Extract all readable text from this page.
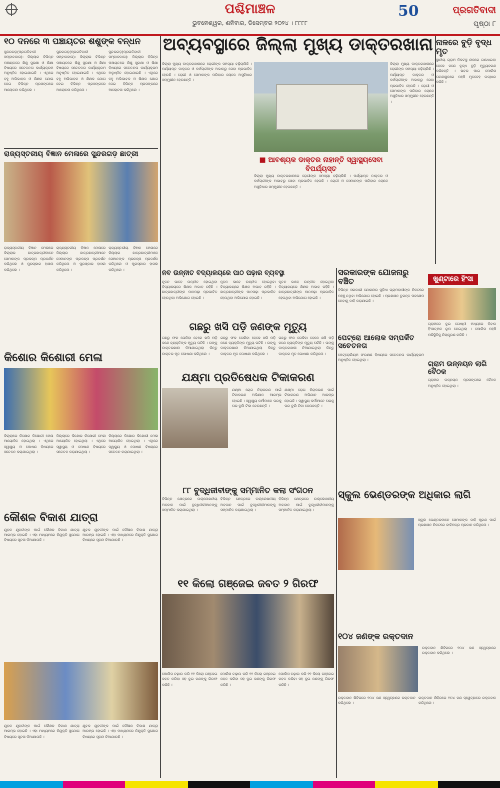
ପଶ୍ଚିମାଞ୍ଚଳ
ଭୁବନେଶ୍ୱର, ଶନିବାର, ଡିସେମ୍ବର ୨୦୨୪ । ୮୮୮୮
50	ପ୍ରଗତିବାଦୀ
ପୃଷ୍ଠା ୮
୧୦ ଦିନରେ ୩ ପଞ୍ଚାୟତର ଶିଶୁଙ୍କ ବନ୍ଧନ
ସୁନ୍ଦରଗଡ଼(ପ୍ରଗତିବାଦୀ ସମ୍ବାଦଦାତା): ଜିଲ୍ଲାର ବିଭିନ୍ନ ପଞ୍ଚାୟତରେ ଶିଶୁ ସୁରକ୍ଷା ଓ ଶିକ୍ଷା ବିଷୟରେ ସଚେତନତା କାର୍ଯ୍ୟକ୍ରମ ଅନୁଷ୍ଠିତ ହୋଇଯାଇଛି । ଏଥିରେ ବହୁ ଅଭିଭାବକ ଓ ଶିକ୍ଷକ ଯୋଗ ଦେଇ ବିଭିନ୍ନ ପ୍ରସଙ୍ଗରେ ଆଲୋଚନା କରିଥିଲେ ।
ସୁନ୍ଦରଗଡ଼(ପ୍ରଗତିବାଦୀ ସମ୍ବାଦଦାତା): ଜିଲ୍ଲାର ବିଭିନ୍ନ ପଞ୍ଚାୟତରେ ଶିଶୁ ସୁରକ୍ଷା ଓ ଶିକ୍ଷା ବିଷୟରେ ସଚେତନତା କାର୍ଯ୍ୟକ୍ରମ ଅନୁଷ୍ଠିତ ହୋଇଯାଇଛି । ଏଥିରେ ବହୁ ଅଭିଭାବକ ଓ ଶିକ୍ଷକ ଯୋଗ ଦେଇ ବିଭିନ୍ନ ପ୍ରସଙ୍ଗରେ ଆଲୋଚନା କରିଥିଲେ ।
ସୁନ୍ଦରଗଡ଼(ପ୍ରଗତିବାଦୀ ସମ୍ବାଦଦାତା): ଜିଲ୍ଲାର ବିଭିନ୍ନ ପଞ୍ଚାୟତରେ ଶିଶୁ ସୁରକ୍ଷା ଓ ଶିକ୍ଷା ବିଷୟରେ ସଚେତନତା କାର୍ଯ୍ୟକ୍ରମ ଅନୁଷ୍ଠିତ ହୋଇଯାଇଛି । ଏଥିରେ ବହୁ ଅଭିଭାବକ ଓ ଶିକ୍ଷକ ଯୋଗ ଦେଇ ବିଭିନ୍ନ ପ୍ରସଙ୍ଗରେ ଆଲୋଚନା କରିଥିଲେ ।
ଅବ୍ୟବସ୍ଥାରେ ଜିଲ୍ଲା ମୁଖ୍ୟ ଡାକ୍ତରଖାନା
ଜିଲ୍ଲା ମୁଖ୍ୟ ଡାକ୍ତରଖାନାରେ ରୋଗୀଙ୍କ ସମସ୍ୟା ବଢ଼ିଚାଲିଛି । ପର୍ଯ୍ୟାପ୍ତ ଡାକ୍ତର ଓ କର୍ମଚାରୀଙ୍କ ଅଭାବରୁ ସେବା ପ୍ରଭାବିତ ହେଉଛି । ରୋଗୀ ଓ ସେମାନଙ୍କ ପରିବାର ଲୋକେ ଅସୁବିଧାର ସମ୍ମୁଖୀନ ହେଉଛନ୍ତି ।
■ ଆବଶ୍ୟକ ଡାକ୍ତର ନାହାନ୍ତି ସ୍ୱାସ୍ଥ୍ୟସେବା ବିପର୍ଯ୍ୟସ୍ତ
ଜିଲ୍ଲା ମୁଖ୍ୟ ଡାକ୍ତରଖାନାରେ ରୋଗୀଙ୍କ ସମସ୍ୟା ବଢ଼ିଚାଲିଛି । ପର୍ଯ୍ୟାପ୍ତ ଡାକ୍ତର ଓ କର୍ମଚାରୀଙ୍କ ଅଭାବରୁ ସେବା ପ୍ରଭାବିତ ହେଉଛି । ରୋଗୀ ଓ ସେମାନଙ୍କ ପରିବାର ଲୋକେ ଅସୁବିଧାର ସମ୍ମୁଖୀନ ହେଉଛନ୍ତି ।
ଜିଲ୍ଲା ମୁଖ୍ୟ ଡାକ୍ତରଖାନାରେ ରୋଗୀଙ୍କ ସମସ୍ୟା ବଢ଼ିଚାଲିଛି । ପର୍ଯ୍ୟାପ୍ତ ଡାକ୍ତର ଓ କର୍ମଚାରୀଙ୍କ ଅଭାବରୁ ସେବା ପ୍ରଭାବିତ ହେଉଛି । ରୋଗୀ ଓ ସେମାନଙ୍କ ପରିବାର ଲୋକେ ଅସୁବିଧାର ସମ୍ମୁଖୀନ ହେଉଛନ୍ତି ।
ନାଳରେ ବୁଡ଼ି ବୃଦ୍ଧ ମୃତ
ସ୍ଥାନୀୟ ଗ୍ରାମ ନିକଟସ୍ଥ ନାଳରେ ଗାଧୋଇବା ବେଳେ ଜଣେ ବୃଦ୍ଧ ବୁଡ଼ି ମୃତ୍ୟୁବରଣ କରିଛନ୍ତି । ଖବର ପାଇ ପୋଲିସ ଘଟଣାସ୍ଥଳରେ ପହଞ୍ଚି ମୃତଦେହ ଉଦ୍ଧାର କରିଛି ।
ରାଜ୍ୟସ୍ତରୀୟ ବିଜ୍ଞାନ ମେଳାରେ ସୁନ୍ଦରଗଡ଼ ଛାତ୍ରୀ
ରାଜ୍ୟସ୍ତରୀୟ ବିଜ୍ଞାନ ମେଳାରେ ଜିଲ୍ଲାର ଛାତ୍ରଛାତ୍ରୀମାନେ ସେମାନଙ୍କ ପ୍ରକଳ୍ପ ପ୍ରଦର୍ଶନ କରିଥିଲେ ଓ ପୁରସ୍କାର ହାସଲ କରିଥିଲେ ।
ରାଜ୍ୟସ୍ତରୀୟ ବିଜ୍ଞାନ ମେଳାରେ ଜିଲ୍ଲାର ଛାତ୍ରଛାତ୍ରୀମାନେ ସେମାନଙ୍କ ପ୍ରକଳ୍ପ ପ୍ରଦର୍ଶନ କରିଥିଲେ ଓ ପୁରସ୍କାର ହାସଲ କରିଥିଲେ ।
ରାଜ୍ୟସ୍ତରୀୟ ବିଜ୍ଞାନ ମେଳାରେ ଜିଲ୍ଲାର ଛାତ୍ରଛାତ୍ରୀମାନେ ସେମାନଙ୍କ ପ୍ରକଳ୍ପ ପ୍ରଦର୍ଶନ କରିଥିଲେ ଓ ପୁରସ୍କାର ହାସଲ କରିଥିଲେ ।
କିଶୋର କିଶୋରୀ ମେଳା
ଜିଲ୍ଲାରେ କିଶୋର କିଶୋରୀ ମେଳା ଆୟୋଜିତ ହୋଇଥିଲା । ଏଥିରେ ସ୍ୱାସ୍ଥ୍ୟ ଓ ପୋଷଣ ବିଷୟରେ ସଚେତନ କରାଯାଇଥିଲା ।
ଜିଲ୍ଲାରେ କିଶୋର କିଶୋରୀ ମେଳା ଆୟୋଜିତ ହୋଇଥିଲା । ଏଥିରେ ସ୍ୱାସ୍ଥ୍ୟ ଓ ପୋଷଣ ବିଷୟରେ ସଚେତନ କରାଯାଇଥିଲା ।
ଜିଲ୍ଲାରେ କିଶୋର କିଶୋରୀ ମେଳା ଆୟୋଜିତ ହୋଇଥିଲା । ଏଥିରେ ସ୍ୱାସ୍ଥ୍ୟ ଓ ପୋଷଣ ବିଷୟରେ ସଚେତନ କରାଯାଇଥିଲା ।
କୌଶଳ ବିକାଶ ଯାତ୍ରା
ଯୁବକ ଯୁବତୀଙ୍କ ପାଇଁ କୌଶଳ ବିକାଶ ଯାତ୍ରା ଆରମ୍ଭ ହୋଇଛି । ଏହା ମାଧ୍ୟମରେ ନିଯୁକ୍ତି ସୁଯୋଗ ବିଷୟରେ ସୂଚନା ଦିଆଯାଉଛି ।
ଯୁବକ ଯୁବତୀଙ୍କ ପାଇଁ କୌଶଳ ବିକାଶ ଯାତ୍ରା ଆରମ୍ଭ ହୋଇଛି । ଏହା ମାଧ୍ୟମରେ ନିଯୁକ୍ତି ସୁଯୋଗ ବିଷୟରେ ସୂଚନା ଦିଆଯାଉଛି ।
ଯୁବକ ଯୁବତୀଙ୍କ ପାଇଁ କୌଶଳ ବିକାଶ ଯାତ୍ରା ଆରମ୍ଭ ହୋଇଛି । ଏହା ମାଧ୍ୟମରେ ନିଯୁକ୍ତି ସୁଯୋଗ ବିଷୟରେ ସୂଚନା ଦିଆଯାଉଛି ।
ଯୁବକ ଯୁବତୀଙ୍କ ପାଇଁ କୌଶଳ ବିକାଶ ଯାତ୍ରା ଆରମ୍ଭ ହୋଇଛି । ଏହା ମାଧ୍ୟମରେ ନିଯୁକ୍ତି ସୁଯୋଗ ବିଷୟରେ ସୂଚନା ଦିଆଯାଉଛି ।
ନବ ଉନ୍ନୀତ ବିଦ୍ୟାଳୟରେ ପାଠ ପଢ଼ାର ବ୍ୟବସ୍ଥା
ନୂତନ ଭାବେ ଉନ୍ନୀତ ହୋଇଥିବା ବିଦ୍ୟାଳୟରେ ଶିକ୍ଷକ ଅଭାବ ରହିଛି । ଛାତ୍ରଛାତ୍ରୀଙ୍କ ପାଠପଢ଼ା ପ୍ରଭାବିତ ହେଉଥିବା ଅଭିଯୋଗ ହୋଇଛି ।
ନୂତନ ଭାବେ ଉନ୍ନୀତ ହୋଇଥିବା ବିଦ୍ୟାଳୟରେ ଶିକ୍ଷକ ଅଭାବ ରହିଛି । ଛାତ୍ରଛାତ୍ରୀଙ୍କ ପାଠପଢ଼ା ପ୍ରଭାବିତ ହେଉଥିବା ଅଭିଯୋଗ ହୋଇଛି ।
ନୂତନ ଭାବେ ଉନ୍ନୀତ ହୋଇଥିବା ବିଦ୍ୟାଳୟରେ ଶିକ୍ଷକ ଅଭାବ ରହିଛି । ଛାତ୍ରଛାତ୍ରୀଙ୍କ ପାଠପଢ଼ା ପ୍ରଭାବିତ ହେଉଥିବା ଅଭିଯୋଗ ହୋଇଛି ।
ଗଛରୁ ଖସି ପଡ଼ି ଜଣଙ୍କ ମୃତ୍ୟୁ
ଗଛରୁ ଫଳ ତୋଳିବା ବେଳେ ଖସି ପଡ଼ି ଜଣେ ବ୍ୟକ୍ତିଙ୍କ ମୃତ୍ୟୁ ଘଟିଛି । ତାଙ୍କୁ ଡାକ୍ତରଖାନା ନିଆଯାଇଥିଲା କିନ୍ତୁ ଡାକ୍ତର ମୃତ ଘୋଷଣା କରିଥିଲେ ।
ଗଛରୁ ଫଳ ତୋଳିବା ବେଳେ ଖସି ପଡ଼ି ଜଣେ ବ୍ୟକ୍ତିଙ୍କ ମୃତ୍ୟୁ ଘଟିଛି । ତାଙ୍କୁ ଡାକ୍ତରଖାନା ନିଆଯାଇଥିଲା କିନ୍ତୁ ଡାକ୍ତର ମୃତ ଘୋଷଣା କରିଥିଲେ ।
ଗଛରୁ ଫଳ ତୋଳିବା ବେଳେ ଖସି ପଡ଼ି ଜଣେ ବ୍ୟକ୍ତିଙ୍କ ମୃତ୍ୟୁ ଘଟିଛି । ତାଙ୍କୁ ଡାକ୍ତରଖାନା ନିଆଯାଇଥିଲା କିନ୍ତୁ ଡାକ୍ତର ମୃତ ଘୋଷଣା କରିଥିଲେ ।
ଯକ୍ଷ୍ମା ପ୍ରତିଷେଧକ ଟିକାକରଣ
ଯକ୍ଷ୍ମା ରୋଗ ନିରାକରଣ ପାଇଁ ଟିକାକରଣ ଅଭିଯାନ ଆରମ୍ଭ ହୋଇଛି । ସ୍ୱାସ୍ଥ୍ୟ କର୍ମୀମାନେ ଘରକୁ ଘର ବୁଲି ଟିକା ଦେଉଛନ୍ତି ।
ଯକ୍ଷ୍ମା ରୋଗ ନିରାକରଣ ପାଇଁ ଟିକାକରଣ ଅଭିଯାନ ଆରମ୍ଭ ହୋଇଛି । ସ୍ୱାସ୍ଥ୍ୟ କର୍ମୀମାନେ ଘରକୁ ଘର ବୁଲି ଟିକା ଦେଉଛନ୍ତି ।
୮୮ ବୁଦ୍ଧିଜୀବୀଙ୍କୁ ସମ୍ମାନିତ କଲା ସଂଗଠନ
ବିଭିନ୍ନ କ୍ଷେତ୍ରରେ ଉଲ୍ଲେଖନୀୟ ଅବଦାନ ପାଇଁ ବୁଦ୍ଧିଜୀବୀମାନଙ୍କୁ ସମ୍ମାନିତ କରାଯାଇଥିଲା ।
ବିଭିନ୍ନ କ୍ଷେତ୍ରରେ ଉଲ୍ଲେଖନୀୟ ଅବଦାନ ପାଇଁ ବୁଦ୍ଧିଜୀବୀମାନଙ୍କୁ ସମ୍ମାନିତ କରାଯାଇଥିଲା ।
ବିଭିନ୍ନ କ୍ଷେତ୍ରରେ ଉଲ୍ଲେଖନୀୟ ଅବଦାନ ପାଇଁ ବୁଦ୍ଧିଜୀବୀମାନଙ୍କୁ ସମ୍ମାନିତ କରାଯାଇଥିଲା ।
୧୧ କିଲୋ ଗଞ୍ଜେଇ ଜବତ ୨ ଗିରଫ
ପୋଲିସ ଚଢ଼ାଉ କରି ୧୧ କିଲୋ ଗଞ୍ଜେଇ ଜବତ କରିବା ସହ ଦୁଇ ଜଣଙ୍କୁ ଗିରଫ କରିଛି ।
ପୋଲିସ ଚଢ଼ାଉ କରି ୧୧ କିଲୋ ଗଞ୍ଜେଇ ଜବତ କରିବା ସହ ଦୁଇ ଜଣଙ୍କୁ ଗିରଫ କରିଛି ।
ପୋଲିସ ଚଢ଼ାଉ କରି ୧୧ କିଲୋ ଗଞ୍ଜେଇ ଜବତ କରିବା ସହ ଦୁଇ ଜଣଙ୍କୁ ଗିରଫ କରିଛି ।
ସରକାରଙ୍କ ଯୋଜନାରୁ ବଞ୍ଚିତ
ବିଭିନ୍ନ ସରକାରୀ ଯୋଜନାର ସୁବିଧା ଗ୍ରାମବାସୀଙ୍କ ନିକଟରେ ପହଞ୍ଚୁ ନଥିବା ଅଭିଯୋଗ ହୋଇଛି । ପ୍ରଶାସନ ତୁରନ୍ତ ପଦକ୍ଷେପ ନେବାକୁ ଦାବି କରାଯାଇଛି ।
ଖୁଣ୍ଟାରେ ହିଂସା
ଗ୍ରାମରେ ଦୁଇ ଗୋଷ୍ଠୀ ମଧ୍ୟରେ ବିବାଦ ହିଂସାତ୍ମକ ରୂପ ନେଇଥିଲା । ପୋଲିସ ପହଞ୍ଚି ପରିସ୍ଥିତିକୁ ନିୟନ୍ତ୍ରଣ କରିଛି ।
ପେଟ୍ରୋ ଆଲୋକ ସମ୍ପର୍କିତ ସଚେତନତା
ପେଟ୍ରୋଲିୟମ ସଂରକ୍ଷଣ ବିଷୟରେ ସଚେତନତା କାର୍ଯ୍ୟକ୍ରମ ଅନୁଷ୍ଠିତ ହୋଇଥିଲା ।
ଗ୍ରାମ ଉନ୍ନୟନ ଲାଗି ବୈଠକ
ଗ୍ରାମର ଉନ୍ନୟନ ପ୍ରସଙ୍ଗରେ ବୈଠକ ଅନୁଷ୍ଠିତ ହୋଇଥିଲା ।
ସ୍କୁଲ ଭେଣ୍ଡରଙ୍କ ଅଧିକାର ଲାଗି
ସ୍କୁଲ ଭେଣ୍ଡରମାନେ ସେମାନଙ୍କ ଦାବି ପୂରଣ ପାଇଁ ପ୍ରଶାସନ ନିକଟରେ ଦାବିପତ୍ର ପ୍ରଦାନ କରିଥିଲେ ।
୧୦୪ ଜଣଙ୍କ ରକ୍ତଦାନ
ରକ୍ତଦାନ ଶିବିରରେ ୧୦୪ ଜଣ ସ୍ୱେଚ୍ଛାରେ ରକ୍ତଦାନ କରିଥିଲେ ।
ରକ୍ତଦାନ ଶିବିରରେ ୧୦୪ ଜଣ ସ୍ୱେଚ୍ଛାରେ ରକ୍ତଦାନ କରିଥିଲେ ।
ରକ୍ତଦାନ ଶିବିରରେ ୧୦୪ ଜଣ ସ୍ୱେଚ୍ଛାରେ ରକ୍ତଦାନ କରିଥିଲେ ।
